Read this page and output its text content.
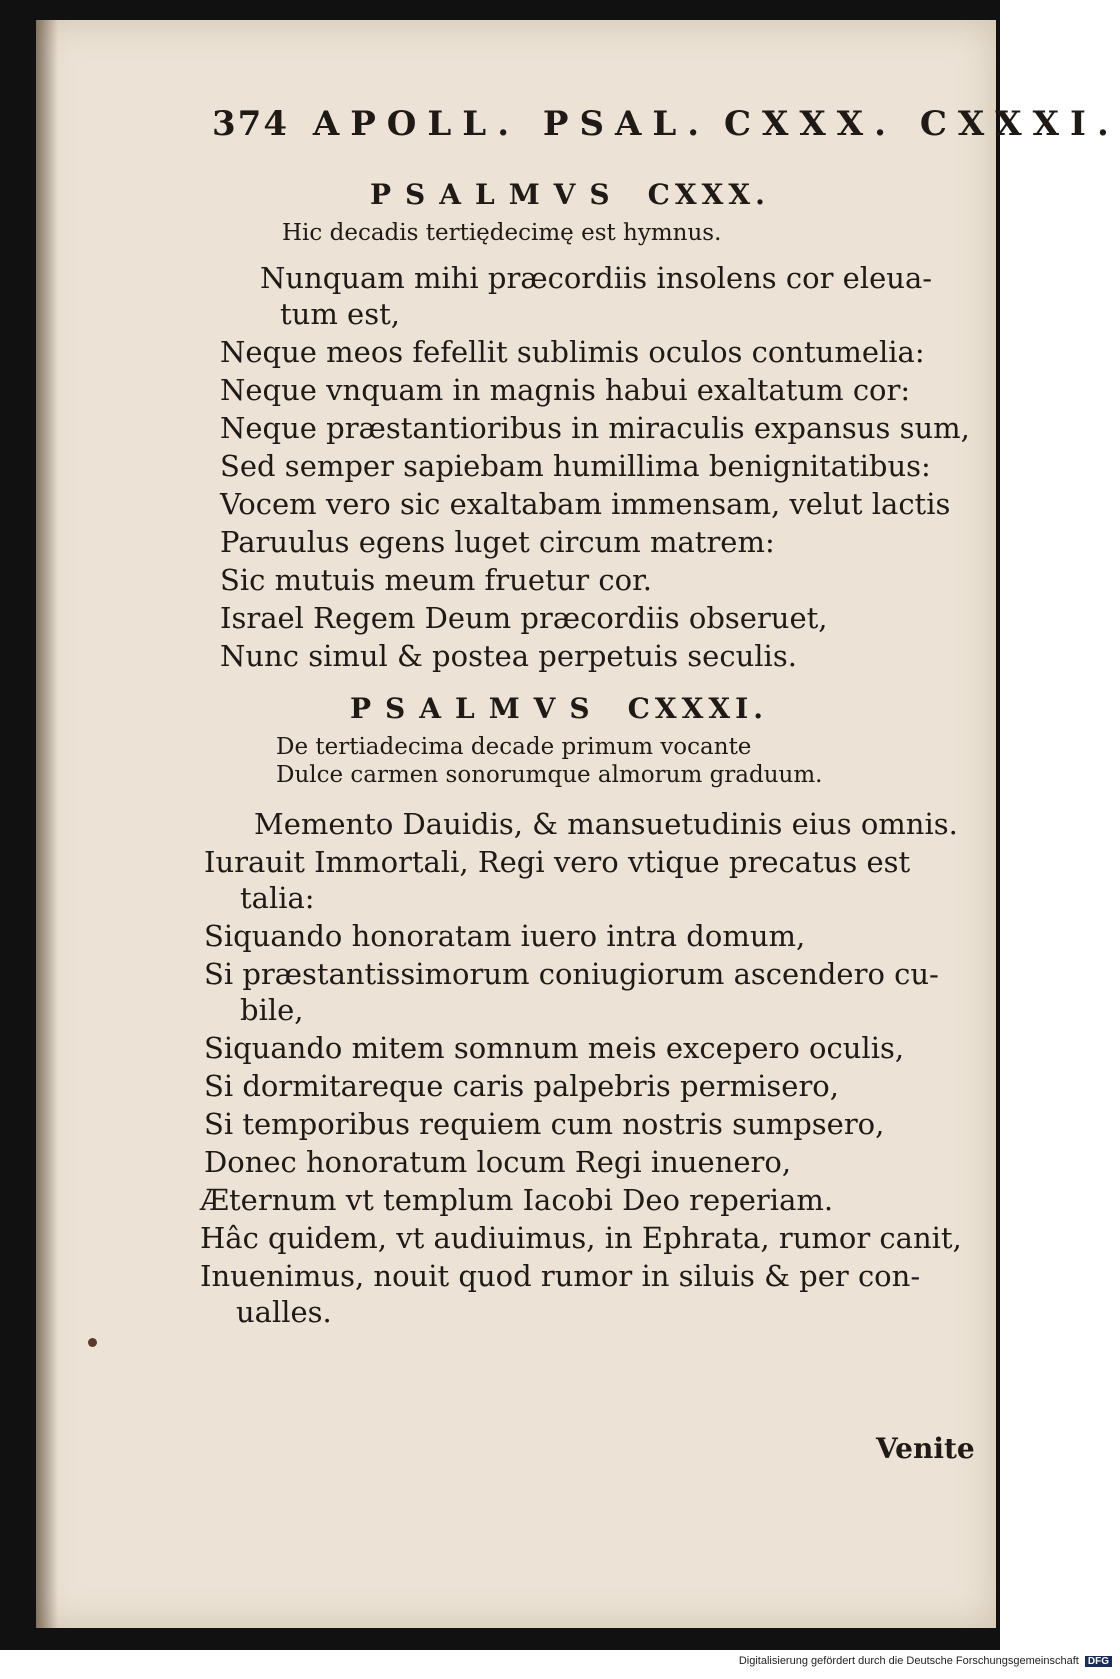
374 APOLL. PSAL. CXXX. CXXXI.
PSALMVS CXXX.
Hic decadis tertiędecimę est hymnus.
Nunquam mihi præcordiis insolens cor eleua-
tum est,
Neque meos fefellit sublimis oculos contumelia:
Neque vnquam in magnis habui exaltatum cor:
Neque præstantioribus in miraculis expansus sum,
Sed semper sapiebam humillima benignitatibus:
Vocem vero sic exaltabam immensam, velut lactis
Paruulus egens luget circum matrem:
Sic mutuis meum fruetur cor.
Israel Regem Deum præcordiis obseruet,
Nunc simul & postea perpetuis seculis.
PSALMVS CXXXI.
De tertiadecima decade primum vocante
Dulce carmen sonorumque almorum graduum.
Memento Dauidis, & mansuetudinis eius omnis.
Iurauit Immortali, Regi vero vtique precatus est
talia:
Siquando honoratam iuero intra domum,
Si præstantissimorum coniugiorum ascendero cu-
bile,
Siquando mitem somnum meis excepero oculis,
Si dormitareque caris palpebris permisero,
Si temporibus requiem cum nostris sumpsero,
Donec honoratum locum Regi inuenero,
Æternum vt templum Iacobi Deo reperiam.
Hâc quidem, vt audiuimus, in Ephrata, rumor canit,
Inuenimus, nouit quod rumor in siluis & per con-
ualles.
Venite
Digitalisierung gefördert durch die Deutsche Forschungsgemeinschaft DFG
